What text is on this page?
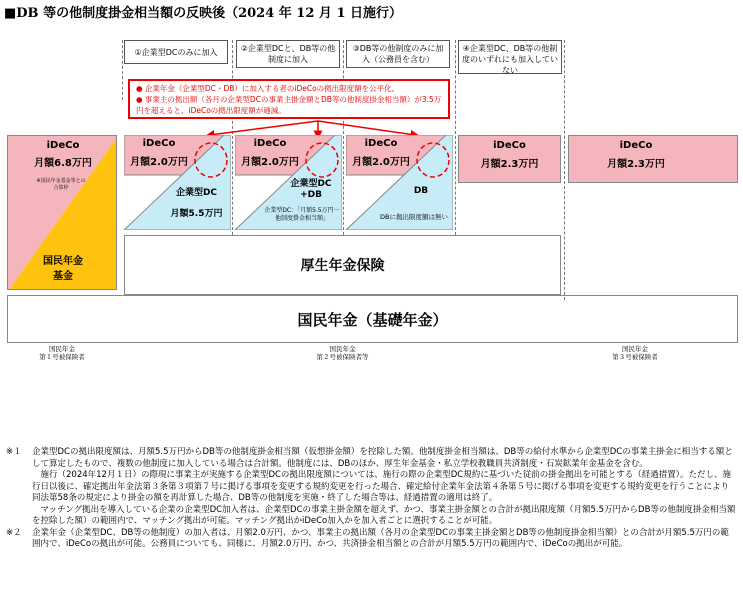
■DB 等の他制度掛金相当額の反映後（2024 年 12 月 1 日施行）
①企業型DCのみに加入	②企業型DCと、DB等の他制度に加入
③DB等の他制度のみに加入（公務員を含む）
④企業型DC、DB等の他制度のいずれにも加入していない
● 企業年金（企業型DC・DB）に加入する者のiDeCoの拠出限度額を公平化。
● 事業主の拠出額（各月の企業型DCの事業主掛金額とDB等の他制度掛金相当額）が3.5万円を超えると、iDeCoの拠出限度額が逓減。
iDeCo
月額6.8万円
※国民年金基金等との合算枠
国民年金
基金
iDeCo
月額2.0万円
企業型DC
月額5.5万円
iDeCo
月額2.0万円
企業型DC
+DB
企業型DC：「月額5.5万円－他制度掛金相当額」
iDeCo
月額2.0万円
DB
DBに拠出限度額は無い
iDeCo
月額2.3万円
iDeCo
月額2.3万円
厚生年金保険
国民年金（基礎年金）
国民年金
第１号被保険者
国民年金
第２号被保険者等
国民年金
第３号被保険者
※１	企業型DCの拠出限度額は、月額5.5万円からDB等の他制度掛金相当額（仮想掛金額）を控除した額。他制度掛金相当額は、DB等の給付水準から企業型DCの事業主掛金に相当する額として算定したもので、複数の他制度に加入している場合は合計額。他制度には、DBのほか、厚生年金基金・私立学校教職員共済制度・石炭鉱業年金基金を含む。
施行（2024年12月１日）の際現に事業主が実施する企業型DCの拠出限度額については、施行の際の企業型DC規約に基づいた従前の掛金拠出を可能とする（経過措置）。ただし、施行日以後に、確定拠出年金法第３条第３項第７号に掲げる事項を変更する規約変更を行った場合、確定給付企業年金法第４条第５号に掲げる事項を変更する規約変更を行うことにより同法第58条の規定により掛金の額を再計算した場合、DB等の他制度を実施・終了した場合等は、経過措置の適用は終了。
マッチング拠出を導入している企業の企業型DC加入者は、企業型DCの事業主掛金額を超えず、かつ、事業主掛金額との合計が拠出限度額（月額5.5万円からDB等の他制度掛金相当額を控除した額）の範囲内で、マッチング拠出が可能。マッチング拠出かiDeCo加入かを加入者ごとに選択することが可能。
※２	企業年金（企業型DC、DB等の他制度）の加入者は、月額2.0万円、かつ、事業主の拠出額（各月の企業型DCの事業主掛金額とDB等の他制度掛金相当額）との合計が月額5.5万円の範囲内で、iDeCoの拠出が可能。公務員についても、同様に、月額2.0万円、かつ、共済掛金相当額との合計が月額5.5万円の範囲内で、iDeCoの拠出が可能。
